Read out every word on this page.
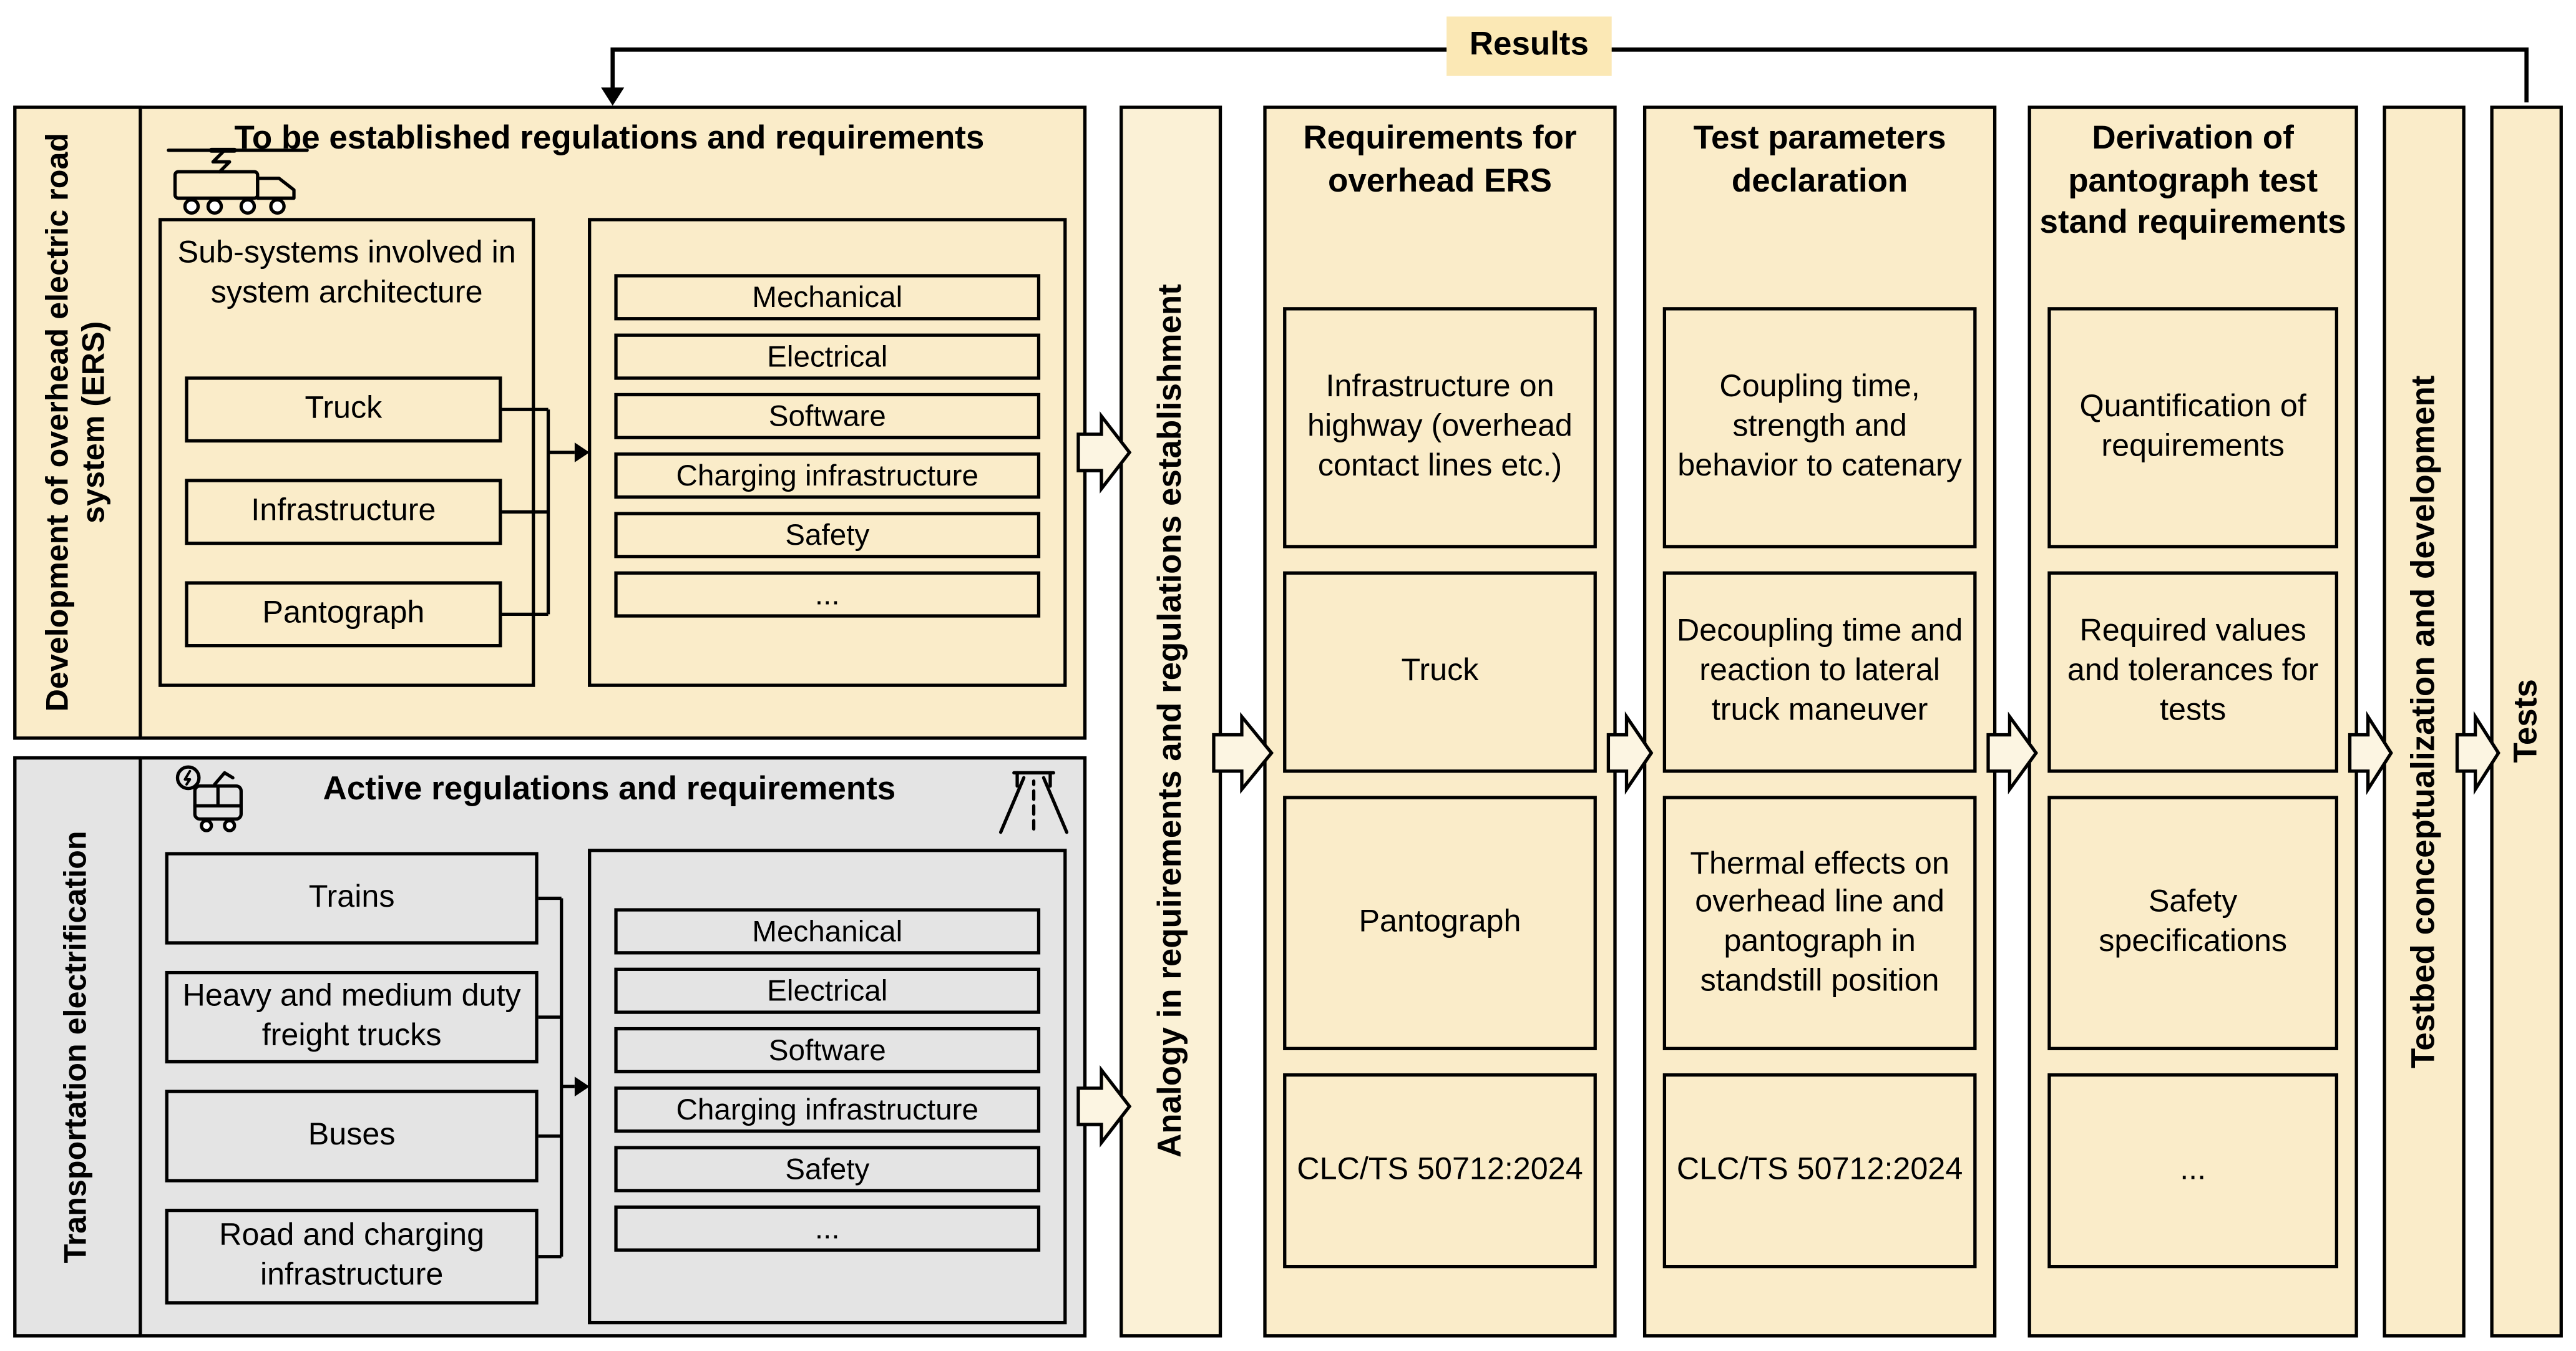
Development of overhead electric road system (ERS)
To be established regulations and requirements
Sub-systems involved in system architecture
Truck
Infrastructure
Pantograph
Mechanical
Electrical
Software
Charging infrastructure
Safety
...
Transportation electrification
Active regulations and requirements
Trains
Heavy and medium duty freight trucks
Buses
Road and charging infrastructure
Mechanical
Electrical
Software
Charging infrastructure
Safety
...
Analogy in requirements and regulations establishment
Requirements for overhead ERS
Infrastructure on highway (overhead contact lines etc.)
Truck
Pantograph
CLC/TS 50712:2024
Test parameters declaration
Coupling time, strength and behavior to catenary
Decoupling time and reaction to lateral truck maneuver
Thermal effects on overhead line and pantograph in standstill position
CLC/TS 50712:2024
Derivation of pantograph test stand requirements
Quantification of requirements
Required values and tolerances for tests
Safety specifications
...
Testbed conceptualization and development	Tests
Results
